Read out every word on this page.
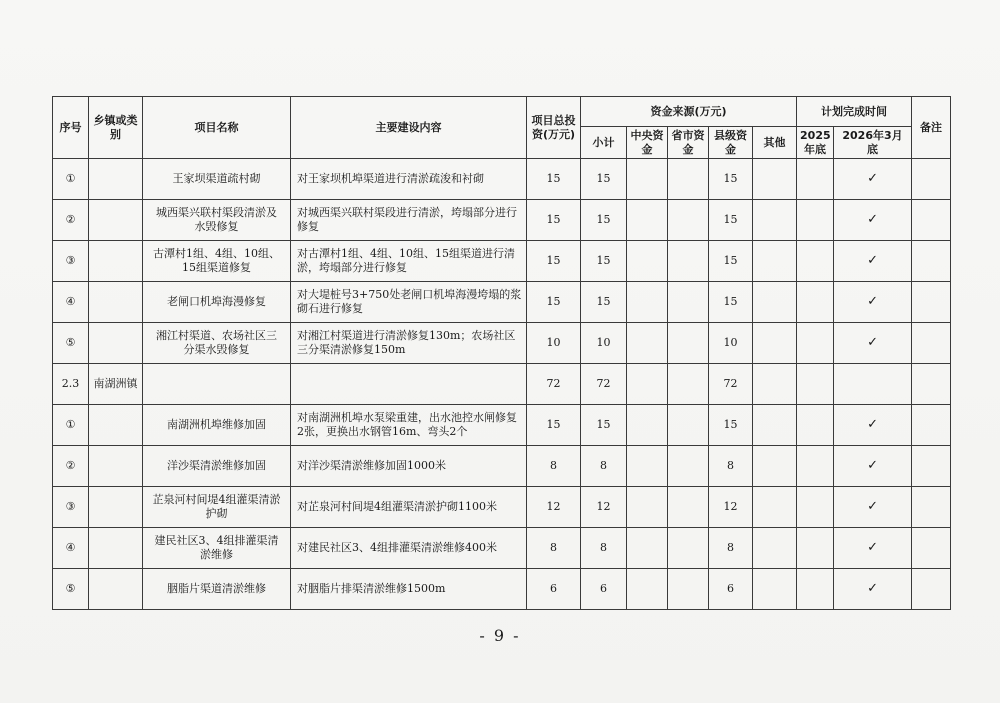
序号	乡镇或类别	项目名称	主要建设内容	项目总投资(万元)	资金来源(万元)					计划完成时间		备注
					小计	中央资金	省市资金	县级资金	其他	2025年底	2026年3月底	
①		王家坝渠道疏村砌	对王家坝机埠渠道进行清淤疏浚和衬砌	15	15			15			✓	
②		城西渠兴联村渠段清淤及水毁修复	对城西渠兴联村渠段进行清淤，垮塌部分进行修复	15	15			15			✓	
③		古潭村1组、4组、10组、15组渠道修复	对古潭村1组、4组、10组、15组渠道进行清淤，垮塌部分进行修复	15	15			15			✓	
④		老闸口机埠海漫修复	对大堤桩号3+750处老闸口机埠海漫垮塌的浆砌石进行修复	15	15			15			✓	
⑤		湘江村渠道、农场社区三分渠水毁修复	对湘江村渠道进行清淤修复130m；农场社区三分渠清淤修复150m	10	10			10			✓	
2.3	南湖洲镇			72	72			72				
①		南湖洲机埠维修加固	对南湖洲机埠水泵梁重建，出水池控水闸修复2张，更换出水钢管16m、弯头2个	15	15			15			✓	
②		洋沙渠清淤维修加固	对洋沙渠清淤维修加固1000米	8	8			8			✓	
③		芷泉河村间堤4组灌渠清淤护砌	对芷泉河村间堤4组灌渠清淤护砌1100米	12	12			12			✓	
④		建民社区3、4组排灌渠清淤维修	对建民社区3、4组排灌渠清淤维修400米	8	8			8			✓	
⑤		胭脂片渠道清淤维修	对胭脂片排渠清淤维修1500m	6	6			6			✓	
- 9 -
